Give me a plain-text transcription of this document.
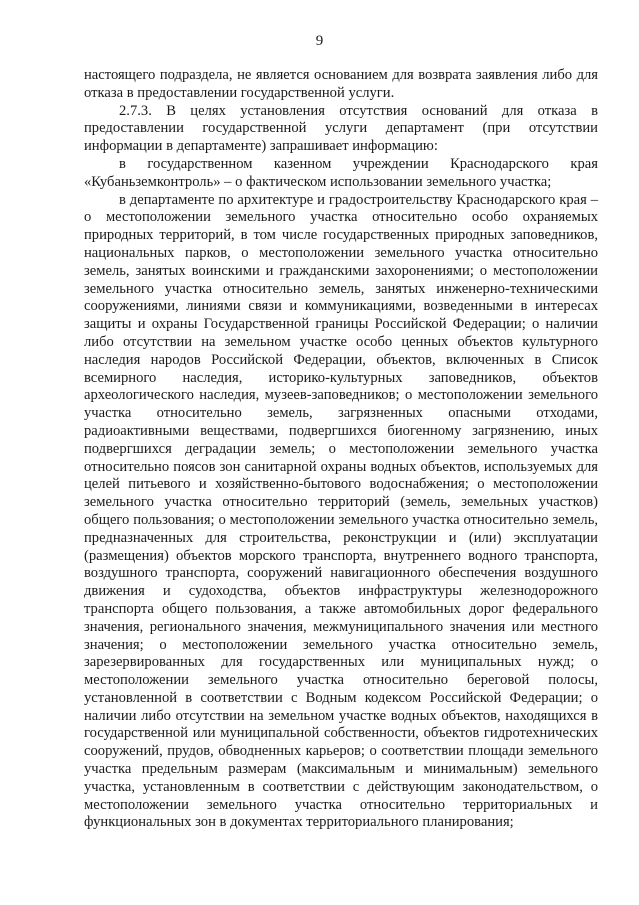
9

настоящего подраздела, не является основанием для возврата заявления либо для отказа в предоставлении государственной услуги.

2.7.3. В целях установления отсутствия оснований для отказа в предоставлении государственной услуги департамент (при отсутствии информации в департаменте) запрашивает информацию:

в государственном казенном учреждении Краснодарского края «Кубаньземконтроль» – о фактическом использовании земельного участка;

в департаменте по архитектуре и градостроительству Краснодарского края – о местоположении земельного участка относительно особо охраняемых природных территорий, в том числе государственных природных заповедников, национальных парков, о местоположении земельного участка относительно земель, занятых воинскими и гражданскими захоронениями; о местоположении земельного участка относительно земель, занятых инженерно-техническими сооружениями, линиями связи и коммуникациями, возведенными в интересах защиты и охраны Государственной границы Российской Федерации; о наличии либо отсутствии на земельном участке особо ценных объектов культурного наследия народов Российской Федерации, объектов, включенных в Список всемирного наследия, историко-культурных заповедников, объектов археологического наследия, музеев-заповедников; о местоположении земельного участка относительно земель, загрязненных опасными отходами, радиоактивными веществами, подвергшихся биогенному загрязнению, иных подвергшихся деградации земель; о местоположении земельного участка относительно поясов зон санитарной охраны водных объектов, используемых для целей питьевого и хозяйственно-бытового водоснабжения; о местоположении земельного участка относительно территорий (земель, земельных участков) общего пользования; о местоположении земельного участка относительно земель, предназначенных для строительства, реконструкции и (или) эксплуатации (размещения) объектов морского транспорта, внутреннего водного транспорта, воздушного транспорта, сооружений навигационного обеспечения воздушного движения и судоходства, объектов инфраструктуры железнодорожного транспорта общего пользования, а также автомобильных дорог федерального значения, регионального значения, межмуниципального значения или местного значения; о местоположении земельного участка относительно земель, зарезервированных для государственных или муниципальных нужд; о местоположении земельного участка относительно береговой полосы, установленной в соответствии с Водным кодексом Российской Федерации; о наличии либо отсутствии на земельном участке водных объектов, находящихся в государственной или муниципальной собственности, объектов гидротехнических сооружений, прудов, обводненных карьеров; о соответствии площади земельного участка предельным размерам (максимальным и минимальным) земельного участка, установленным в соответствии с действующим законодательством, о местоположении земельного участка относительно территориальных и функциональных зон в документах территориального планирования;
